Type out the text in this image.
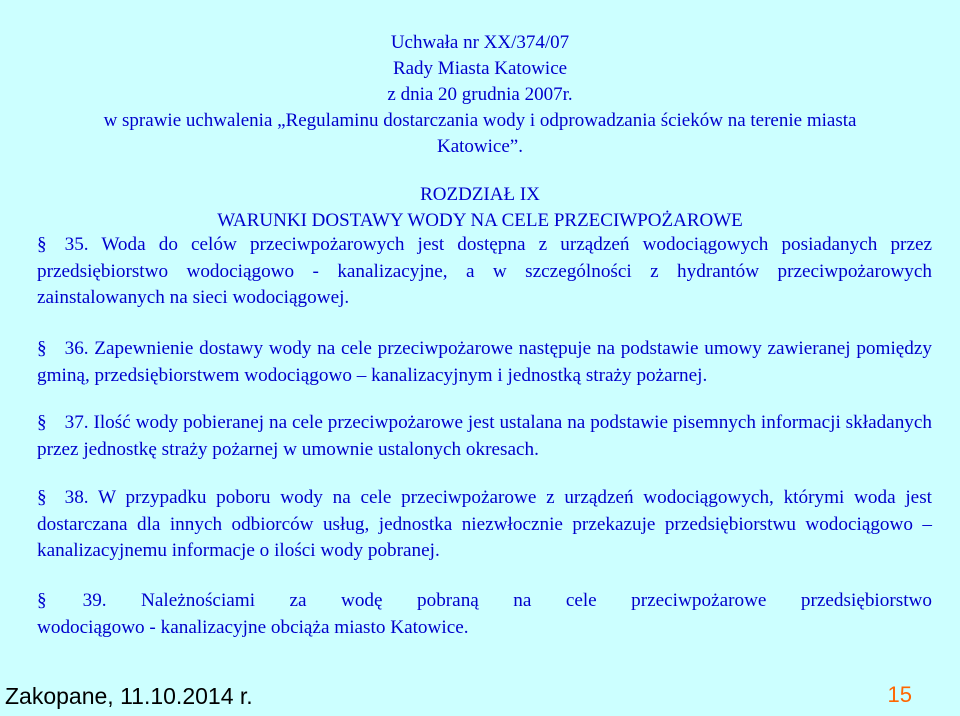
Uchwała nr XX/374/07
Rady Miasta Katowice
z dnia 20 grudnia 2007r.
w sprawie uchwalenia „Regulaminu dostarczania wody i odprowadzania ścieków na terenie miasta
Katowice”.
ROZDZIAŁ IX
WARUNKI DOSTAWY WODY NA CELE PRZECIWPOŻAROWE
§ 35. Woda do celów przeciwpożarowych jest dostępna z urządzeń wodociągowych posiadanych przez przedsiębiorstwo wodociągowo - kanalizacyjne, a w szczególności z hydrantów przeciwpożarowych zainstalowanych na sieci wodociągowej.
§ 36. Zapewnienie dostawy wody na cele przeciwpożarowe następuje na podstawie umowy zawieranej pomiędzy gminą, przedsiębiorstwem wodociągowo – kanalizacyjnym i jednostką straży pożarnej.
§ 37. Ilość wody pobieranej na cele przeciwpożarowe jest ustalana na podstawie pisemnych informacji składanych przez jednostkę straży pożarnej w umownie ustalonych okresach.
§ 38. W przypadku poboru wody na cele przeciwpożarowe z urządzeń wodociągowych, którymi woda jest dostarczana dla innych odbiorców usług, jednostka niezwłocznie przekazuje przedsiębiorstwu wodociągowo – kanalizacyjnemu informacje o ilości wody pobranej.
§ 39. Należnościami za wodę pobraną na cele przeciwpożarowe przedsiębiorstwo
wodociągowo - kanalizacyjne obciąża miasto Katowice.
Zakopane, 11.10.2014 r.	15
